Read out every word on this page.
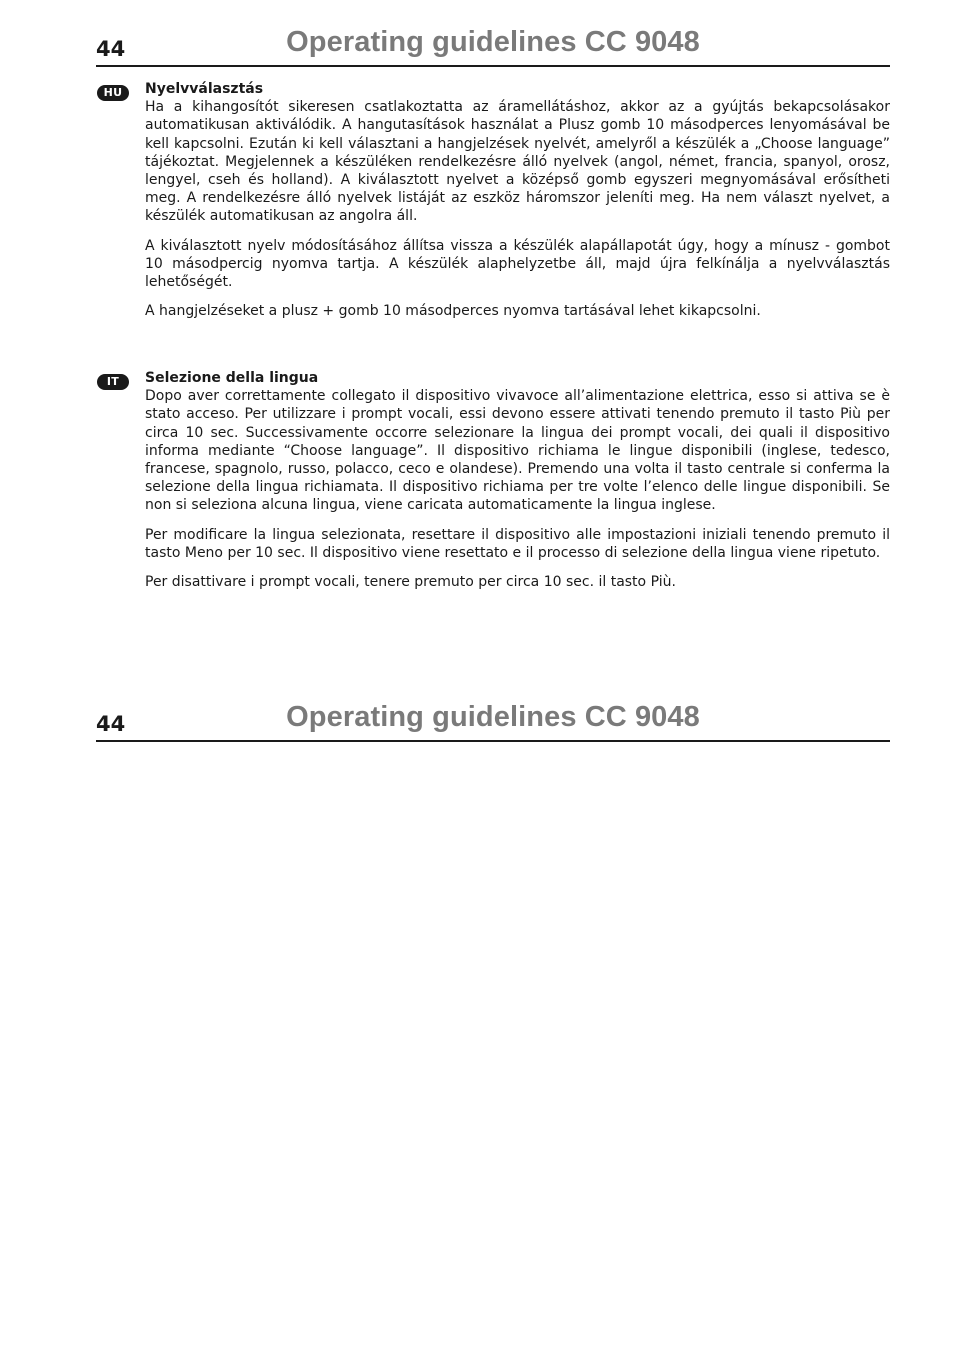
44	Operating guidelines CC 9048
HU	Nyelvválasztás

Ha a kihangosítót sikeresen csatlakoztatta az áramellátáshoz, akkor az a gyújtás bekapcsolásakor automatikusan aktiválódik. A hangutasítások használat a Plusz gomb 10 másodperces lenyomásával be kell kapcsolni. Ezután ki kell választani a hangjelzések nyelvét, amelyről a készülék a „Choose language” tájékoztat. Megjelennek a készüléken rendelkezésre álló nyelvek (angol, német, francia, spanyol, orosz, lengyel, cseh és holland). A kiválasztott nyelvet a középső gomb egyszeri megnyomásával erősítheti meg. A rendelkezésre álló nyelvek listáját az eszköz háromszor jeleníti meg. Ha nem választ nyelvet, a készülék automatikusan az angolra áll.

A kiválasztott nyelv módosításához állítsa vissza a készülék alapállapotát úgy, hogy a mínusz - gombot 10 másodpercig nyomva tartja. A készülék alaphelyzetbe áll, majd újra felkínálja a nyelvválasztás lehetőségét.

A hangjelzéseket a plusz + gomb 10 másodperces nyomva tartásával lehet kikapcsolni.

IT	Selezione della lingua

Dopo aver correttamente collegato il dispositivo vivavoce all’alimentazione elettrica, esso si attiva se è stato acceso. Per utilizzare i prompt vocali, essi devono essere attivati tenendo premuto il tasto Più per circa 10 sec. Successivamente occorre selezionare la lingua dei prompt vocali, dei quali il dispositivo informa mediante “Choose language”. Il dispositivo richiama le lingue disponibili (inglese, tedesco, francese, spagnolo, russo, polacco, ceco e olandese). Premendo una volta il tasto centrale si conferma la selezione della lingua richiamata. Il dispositivo richiama per tre volte l’elenco delle lingue disponibili. Se non si seleziona alcuna lingua, viene caricata automaticamente la lingua inglese.

Per modificare la lingua selezionata, resettare il dispositivo alle impostazioni iniziali tenendo premuto il tasto Meno per 10 sec. Il dispositivo viene resettato e il processo di selezione della lingua viene ripetuto.

Per disattivare i prompt vocali, tenere premuto per circa 10 sec. il tasto Più.

44	Operating guidelines CC 9048
